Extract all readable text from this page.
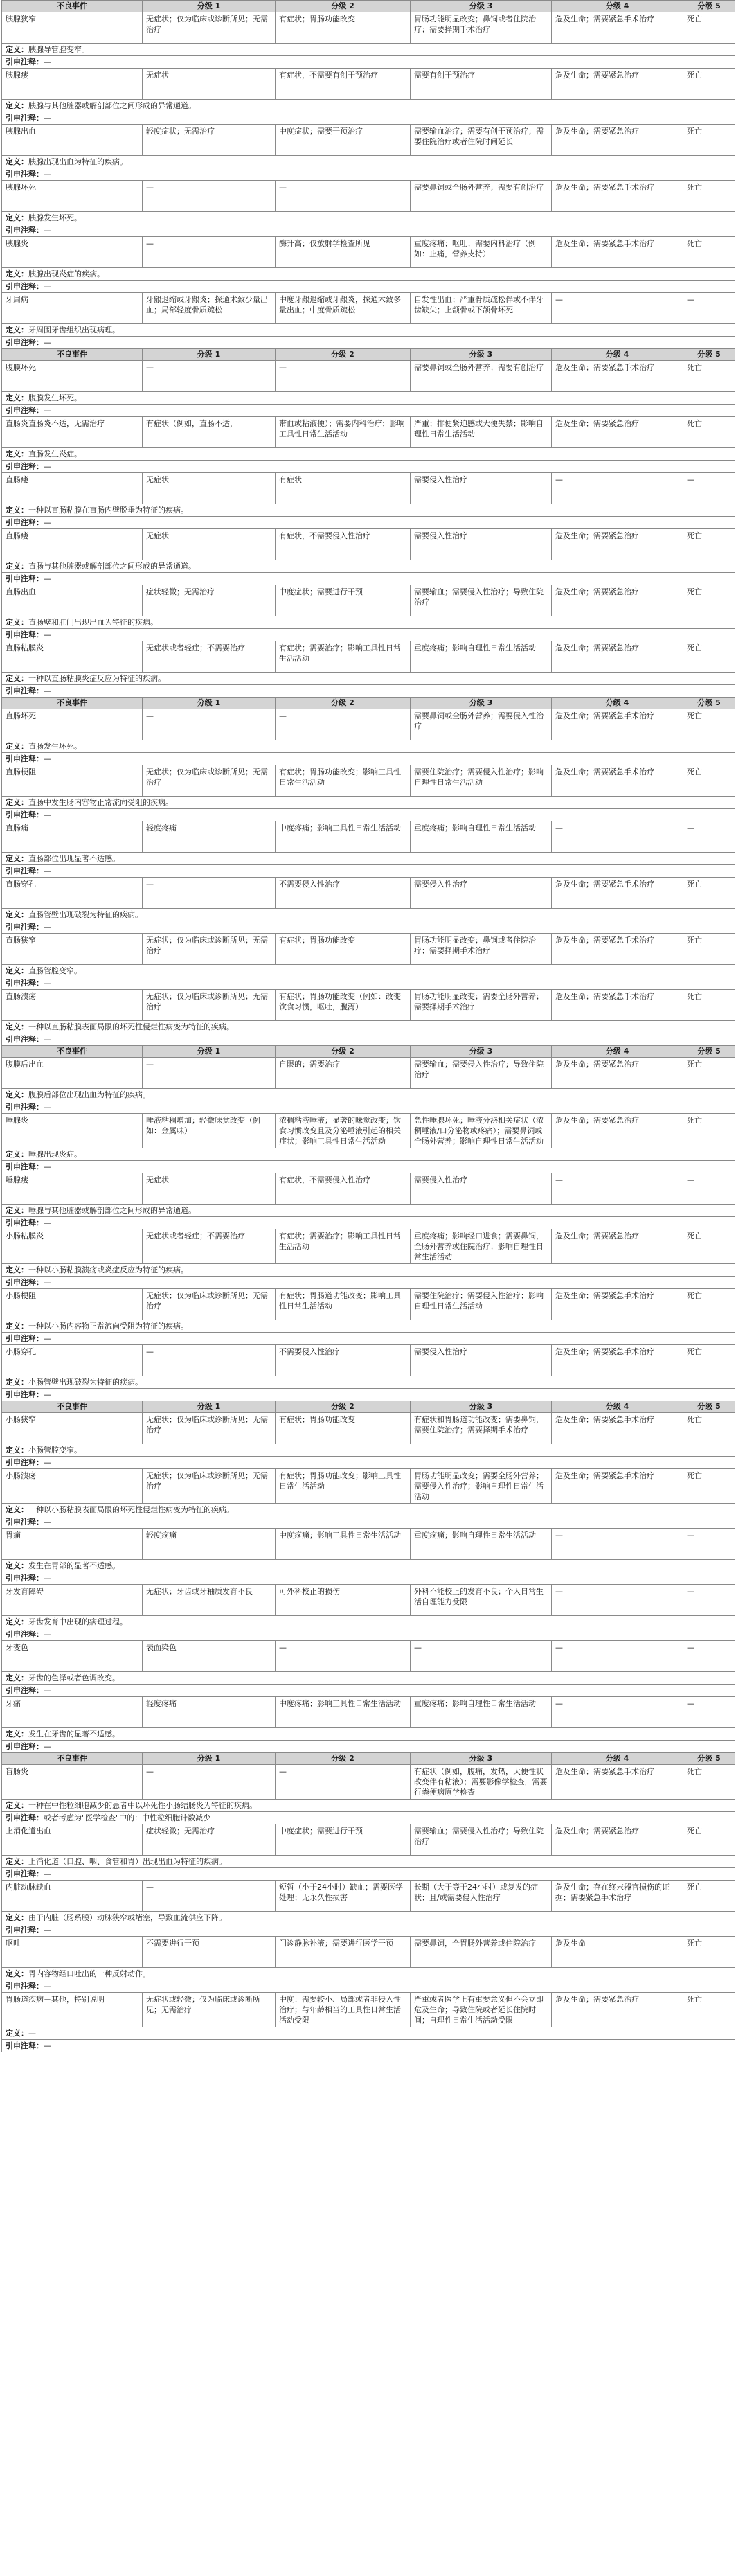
不良事件	分级 1	分级 2	分级 3	分级 4	分级 5
胰腺狭窄	无症状；仅为临床或诊断所见；无需治疗	有症状；胃肠功能改变	胃肠功能明显改变；鼻饲或者住院治疗；需要择期手术治疗	危及生命；需要紧急手术治疗	死亡
定义：胰腺导管腔变窄。					
引申注释：—					
胰腺瘘	无症状	有症状，不需要有创干预治疗	需要有创干预治疗	危及生命；需要紧急治疗	死亡
定义：胰腺与其他脏器或解剖部位之间形成的异常通道。					
引申注释：—					
胰腺出血	轻度症状；无需治疗	中度症状；需要干预治疗	需要输血治疗；需要有创干预治疗；需要住院治疗或者住院时间延长	危及生命；需要紧急治疗	死亡
定义：胰腺出现出血为特征的疾病。					
引申注释：—					
胰腺坏死	—	—	需要鼻饲或全肠外营养；需要有创治疗	危及生命；需要紧急手术治疗	死亡
定义：胰腺发生坏死。					
引申注释：—					
胰腺炎	—	酶升高；仅放射学检查所见	重度疼痛；呕吐；需要内科治疗（例如：止痛，营养支持）	危及生命；需要紧急手术治疗	死亡
定义：胰腺出现炎症的疾病。					
引申注释：—					
牙周病	牙龈退缩或牙龈炎；探通术致少量出血；局部轻度骨质疏松	中度牙龈退缩或牙龈炎，探通术致多量出血；中度骨质疏松	自发性出血；严重骨质疏松伴或不伴牙齿缺失；上颌骨或下颌骨坏死	—	—
定义：牙周围牙齿组织出现病理。					
引申注释：—					
不良事件	分级 1	分级 2	分级 3	分级 4	分级 5
腹膜坏死	—	—	需要鼻饲或全肠外营养；需要有创治疗	危及生命；需要紧急手术治疗	死亡
定义：腹膜发生坏死。					
引申注释：—					
直肠炎直肠炎不适，无需治疗	有症状（例如，直肠不适，	带血或粘液便）；需要内科治疗；影响工具性日常生活活动	严重；排便紧迫感或大便失禁；影响自理性日常生活活动	危及生命；需要紧急治疗	死亡
定义：直肠发生炎症。					
引申注释：—					
直肠瘘	无症状	有症状	需要侵入性治疗	—	—
定义：一种以直肠粘膜在直肠内壁脱垂为特征的疾病。					
引申注释：—					
直肠瘘	无症状	有症状，不需要侵入性治疗	需要侵入性治疗	危及生命；需要紧急治疗	死亡
定义：直肠与其他脏器或解剖部位之间形成的异常通道。					
引申注释：—					
直肠出血	症状轻微；无需治疗	中度症状；需要进行干预	需要输血；需要侵入性治疗；导致住院治疗	危及生命；需要紧急治疗	死亡
定义：直肠壁和肛门出现出血为特征的疾病。					
引申注释：—					
直肠粘膜炎	无症状或者轻症；不需要治疗	有症状；需要治疗；影响工具性日常生活活动	重度疼痛；影响自理性日常生活活动	危及生命；需要紧急治疗	死亡
定义：一种以直肠粘膜炎症反应为特征的疾病。					
引申注释：—					
不良事件	分级 1	分级 2	分级 3	分级 4	分级 5
直肠坏死	—	—	需要鼻饲或全肠外营养；需要侵入性治疗	危及生命；需要紧急手术治疗	死亡
定义：直肠发生坏死。					
引申注释：—					
直肠梗阻	无症状；仅为临床或诊断所见；无需治疗	有症状；胃肠功能改变；影响工具性日常生活活动	需要住院治疗；需要侵入性治疗；影响自理性日常生活活动	危及生命；需要紧急手术治疗	死亡
定义：直肠中发生肠内容物正常流向受阻的疾病。					
引申注释：—					
直肠痛	轻度疼痛	中度疼痛；影响工具性日常生活活动	重度疼痛；影响自理性日常生活活动	—	—
定义：直肠部位出现显著不适感。					
引申注释：—					
直肠穿孔	—	不需要侵入性治疗	需要侵入性治疗	危及生命；需要紧急手术治疗	死亡
定义：直肠管壁出现破裂为特征的疾病。					
引申注释：—					
直肠狭窄	无症状；仅为临床或诊断所见；无需治疗	有症状；胃肠功能改变	胃肠功能明显改变；鼻饲或者住院治疗；需要择期手术治疗	危及生命；需要紧急手术治疗	死亡
定义：直肠管腔变窄。					
引申注释：—					
直肠溃疡	无症状；仅为临床或诊断所见；无需治疗	有症状；胃肠功能改变（例如：改变饮食习惯，呕吐，腹泻）	胃肠功能明显改变；需要全肠外营养；需要择期手术治疗	危及生命；需要紧急手术治疗	死亡
定义：一种以直肠粘膜表面局限的坏死性侵烂性病变为特征的疾病。					
引申注释：—					
不良事件	分级 1	分级 2	分级 3	分级 4	分级 5
腹膜后出血	—	自限的；需要治疗	需要输血；需要侵入性治疗；导致住院治疗	危及生命；需要紧急治疗	死亡
定义：腹膜后部位出现出血为特征的疾病。					
引申注释：—					
唾腺炎	唾液粘稠增加；轻微味觉改变（例如：金属味）	浓稠粘液唾液；显著的味觉改变；饮食习惯改变且及分泌唾液引起的相关症状；影响工具性日常生活活动	急性唾腺坏死；唾液分泌相关症状（浓稠唾液/口分泌物或疼痛）；需要鼻饲或全肠外营养；影响自理性日常生活活动	危及生命；需要紧急治疗	死亡
定义：唾腺出现炎症。					
引申注释：—					
唾腺瘘	无症状	有症状，不需要侵入性治疗	需要侵入性治疗	—	—
定义：唾腺与其他脏器或解剖部位之间形成的异常通道。					
引申注释：—					
小肠粘膜炎	无症状或者轻症；不需要治疗	有症状；需要治疗；影响工具性日常生活活动	重度疼痛；影响经口进食；需要鼻饲，全肠外营养或住院治疗；影响自理性日常生活活动	危及生命；需要紧急治疗	死亡
定义：一种以小肠粘膜溃疡或炎症反应为特征的疾病。					
引申注释：—					
小肠梗阻	无症状；仅为临床或诊断所见；无需治疗	有症状；胃肠道功能改变；影响工具性日常生活活动	需要住院治疗；需要侵入性治疗；影响自理性日常生活活动	危及生命；需要紧急手术治疗	死亡
定义：一种以小肠内容物正常流向受阻为特征的疾病。					
引申注释：—					
小肠穿孔	—	不需要侵入性治疗	需要侵入性治疗	危及生命；需要紧急手术治疗	死亡
定义：小肠管壁出现破裂为特征的疾病。					
引申注释：—					
不良事件	分级 1	分级 2	分级 3	分级 4	分级 5
小肠狭窄	无症状；仅为临床或诊断所见；无需治疗	有症状；胃肠功能改变	有症状和胃肠道功能改变；需要鼻饲，需要住院治疗；需要择期手术治疗	危及生命；需要紧急手术治疗	死亡
定义：小肠管腔变窄。					
引申注释：—					
小肠溃疡	无症状；仅为临床或诊断所见；无需治疗	有症状；胃肠功能改变；影响工具性日常生活活动	胃肠功能明显改变；需要全肠外营养；需要侵入性治疗；影响自理性日常生活活动	危及生命；需要紧急手术治疗	死亡
定义：一种以小肠粘膜表面局限的坏死性侵烂性病变为特征的疾病。					
引申注释：—					
胃痛	轻度疼痛	中度疼痛；影响工具性日常生活活动	重度疼痛；影响自理性日常生活活动	—	—
定义：发生在胃部的显著不适感。					
引申注释：—					
牙发育障碍	无症状；牙齿或牙釉质发育不良	可外科校正的损伤	外科不能校正的发育不良；个人日常生活自理能力受限	—	—
定义：牙齿发育中出现的病理过程。					
引申注释：—					
牙变色	表面染色	—	—	—	—
定义：牙齿的色泽或者色调改变。					
引申注释：—					
牙痛	轻度疼痛	中度疼痛；影响工具性日常生活活动	重度疼痛；影响自理性日常生活活动	—	—
定义：发生在牙齿的显著不适感。					
引申注释：—					
不良事件	分级 1	分级 2	分级 3	分级 4	分级 5
盲肠炎	—	—	有症状（例如，腹痛，发热，大便性状改变伴有粘液）；需要影像学检查，需要行粪便病原学检查	危及生命；需要紧急手术治疗	死亡
定义：一种在中性粒细胞减少的患者中以坏死性小肠结肠炎为特征的疾病。					
引申注释：或者考虑为"医学检查"中的：中性粒细胞计数减少					
上消化道出血	症状轻微；无需治疗	中度症状；需要进行干预	需要输血；需要侵入性治疗；导致住院治疗	危及生命；需要紧急治疗	死亡
定义：上消化道（口腔、咽、食管和胃）出现出血为特征的疾病。					
引申注释：—					
内脏动脉缺血	—	短暂（小于24小时）缺血；需要医学处理；无永久性损害	长期（大于等于24小时）或复发的症状；且/或需要侵入性治疗	危及生命；存在终末器官损伤的证据；需要紧急手术治疗	死亡
定义：由于内脏（肠系膜）动脉狭窄或堵塞，导致血流供应下降。					
引申注释：—					
呕吐	不需要进行干预	门诊静脉补液；需要进行医学干预	需要鼻饲，全胃肠外营养或住院治疗	危及生命	死亡
定义：胃内容物经口吐出的一种反射动作。					
引申注释：—					
胃肠道疾病－其他，特别说明	无症状或轻微；仅为临床或诊断所见；无需治疗	中度：需要较小、局部或者非侵入性治疗；与年龄相当的工具性日常生活活动受限	严重或者医学上有重要意义但不会立即危及生命；导致住院或者延长住院时间；自理性日常生活活动受限	危及生命；需要紧急治疗	死亡
定义：—					
引申注释：—					
